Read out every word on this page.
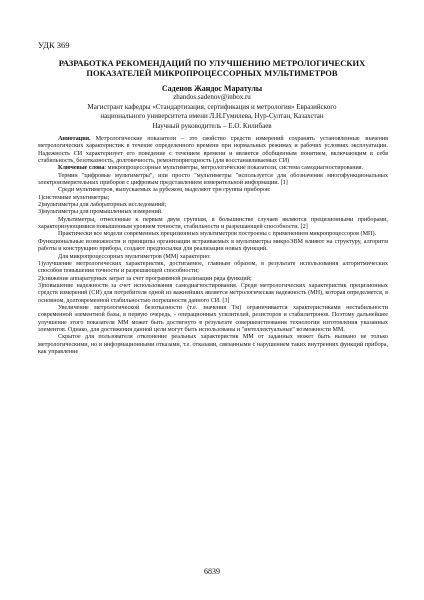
УДК 369
РАЗРАБОТКА РЕКОМЕНДАЦИЙ ПО УЛУЧШЕНИЮ МЕТРОЛОГИЧЕСКИХ ПОКАЗАТЕЛЕЙ МИКРОПРОЦЕССОРНЫХ МУЛЬТИМЕТРОВ
Саденов Жандос Маратулы
zhandos.sadenov@inbox.ru
Магистрант кафедры «Стандартизация, сертификация и метрология» Евразийского
национального университета имени Л.Н.Гумилева, Нур-Султан, Казахстан
Научный руководитель – Е.О. Килибаев

Аннотация. Метрологические показатели – это свойство средств измерений сохранять установленные значения метрологических характеристик в течение определенного времени при нормальных режимах и рабочих условиях эксплуатации. Надежность СИ характеризует его поведение с течением времени и является обобщенным понятием, включающим в себя стабильность, безотказность, долговечность, ремонтопригодность (для восстанавливаемых СИ)

Ключевые слова: микропроцессорные мультиметры, метрологические показатели, система самодиагностирования.

Термин "цифровые мультиметры", или просто "мультиметры "используется для обозначения многофункциональных электроизмерительных приборов с цифровым представлением измерительной информации. [1]

Среди мультиметров, выпускаемых за рубежом, выделяют три группы приборов:

1)системные мультиметры;

2)мультиметры для лабораторных исследований;

3)мультиметры для промышленных измерений.

Мультиметры, отнесенные к первым двум группам, в большинстве случаев являются прецизионными приборами, характеризующимися повышенным уровнем точности, стабильности и разрешающей способности. [2]

Практически все модели современных прецизионных мультиметров построены с применением микропроцессоров (МП).

Функциональные возможности и принципы организации встраиваемых в мультиметры микроЭВМ влияют на структуру, алгоритм работы и конструкцию прибора, создают предпосылки для реализации новых функций.

Для микропроцессорных мультиметров (ММ) характерно:

1)улучшение метрологических характеристик, достигаемое, главным образом, в результате использования алгоритмических способов повышения точности и разрешающей способности;

2)снижение аппаратурных затрат за счет программной реализации ряда функций;

3)повышение надежности за счет использования самодиагностирования. Среди метрологических характеристик прецизионных средств измерений (СИ) для потребителя одной из важнейших является метрологическая надежность (МН), которая определяется, в основном, долговременной стабильностью погрешности данного СИ. [3]

Увеличение метрологической безотказности (т.е. значения Тм) ограничивается характеристиками нестабильности современной элементной базы, в первую очередь, - операционных усилителей, резисторов и стабилитронов. Поэтому дальнейшее улучшение этого показателя ММ может быть достигнуто в результате совершенствования технологии изготовления указанных элементов. Однако, для достижения данной цели могут быть использованы и "интеллектуальные" возможности ММ.

Скрытое для пользователя отклонение реальных характеристик ММ от заданных может быть вызвано не только метрологическими, но и информационными отказами, т.е. отказами, связанными с нарушением таких внутренних функций прибора, как управление

6839
